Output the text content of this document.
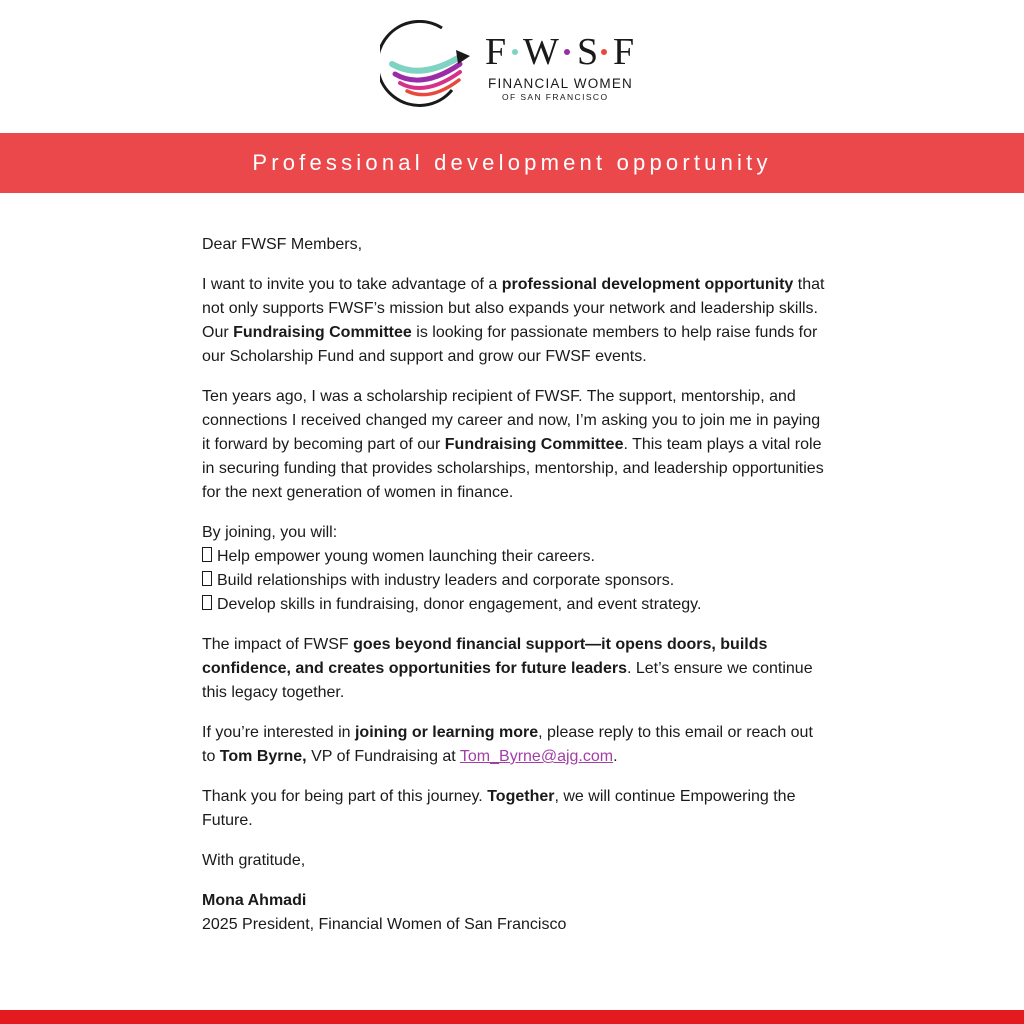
F W S F
FINANCIAL WOMEN
OF SAN FRANCISCO
Professional development opportunity

Dear FWSF Members,

I want to invite you to take advantage of a professional development opportunity that not only supports FWSF’s mission but also expands your network and leadership skills. Our Fundraising Committee is looking for passionate members to help raise funds for our Scholarship Fund and support and grow our FWSF events.

Ten years ago, I was a scholarship recipient of FWSF. The support, mentorship, and connections I received changed my career and now, I’m asking you to join me in paying it forward by becoming part of our Fundraising Committee. This team plays a vital role in securing funding that provides scholarships, mentorship, and leadership opportunities for the next generation of women in finance.

By joining, you will:
Help empower young women launching their careers.
Build relationships with industry leaders and corporate sponsors.
Develop skills in fundraising, donor engagement, and event strategy.

The impact of FWSF goes beyond financial support—it opens doors, builds confidence, and creates opportunities for future leaders. Let’s ensure we continue this legacy together.

If you’re interested in joining or learning more, please reply to this email or reach out to Tom Byrne, VP of Fundraising at Tom_Byrne@ajg.com.

Thank you for being part of this journey. Together, we will continue Empowering the Future.

With gratitude,

Mona Ahmadi
2025 President, Financial Women of San Francisco
